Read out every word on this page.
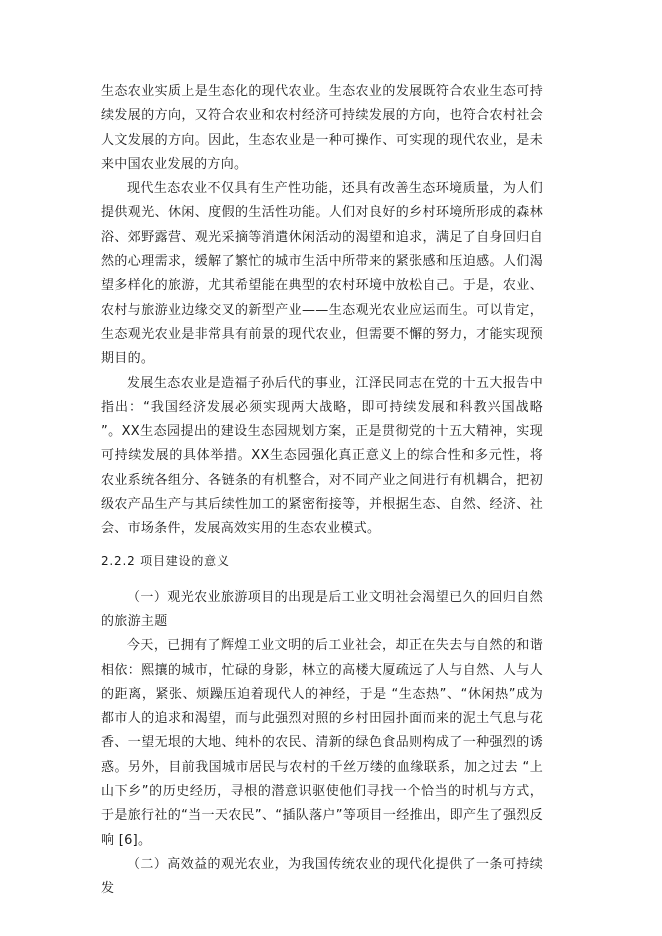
生态农业实质上是生态化的现代农业。生态农业的发展既符合农业生态可持续发展的方向，又符合农业和农村经济可持续发展的方向，也符合农村社会人文发展的方向。因此，生态农业是一种可操作、可实现的现代农业，是未来中国农业发展的方向。

现代生态农业不仅具有生产性功能，还具有改善生态环境质量，为人们提供观光、休闲、度假的生活性功能。人们对良好的乡村环境所形成的森林浴、郊野露营、观光采摘等消遣休闲活动的渴望和追求，满足了自身回归自然的心理需求，缓解了繁忙的城市生活中所带来的紧张感和压迫感。人们渴望多样化的旅游，尤其希望能在典型的农村环境中放松自己。于是，农业、农村与旅游业边缘交叉的新型产业——生态观光农业应运而生。可以肯定，生态观光农业是非常具有前景的现代农业，但需要不懈的努力，才能实现预期目的。

发展生态农业是造福子孙后代的事业，江泽民同志在党的十五大报告中指出：“我国经济发展必须实现两大战略，即可持续发展和科教兴国战略 ”。XX生态园提出的建设生态园规划方案，正是贯彻党的十五大精神，实现可持续发展的具体举措。XX生态园强化真正意义上的综合性和多元性，将农业系统各组分、各链条的有机整合，对不同产业之间进行有机耦合，把初级农产品生产与其后续性加工的紧密衔接等，并根据生态、自然、经济、社会、市场条件，发展高效实用的生态农业模式。

2.2.2 项目建设的意义

（一）观光农业旅游项目的出现是后工业文明社会渴望已久的回归自然的旅游主题

今天，已拥有了辉煌工业文明的后工业社会，却正在失去与自然的和谐相依：熙攘的城市，忙碌的身影，林立的高楼大厦疏远了人与自然、人与人的距离，紧张、烦躁压迫着现代人的神经，于是 “生态热”、“休闲热”成为都市人的追求和渴望，而与此强烈对照的乡村田园扑面而来的泥土气息与花香、一望无垠的大地、纯朴的农民、清新的绿色食品则构成了一种强烈的诱惑。另外，目前我国城市居民与农村的千丝万缕的血缘联系，加之过去 “上山下乡”的历史经历，寻根的潜意识驱使他们寻找一个恰当的时机与方式，于是旅行社的“当一天农民”、“插队落户”等项目一经推出，即产生了强烈反响 [6]。

（二）高效益的观光农业，为我国传统农业的现代化提供了一条可持续发
